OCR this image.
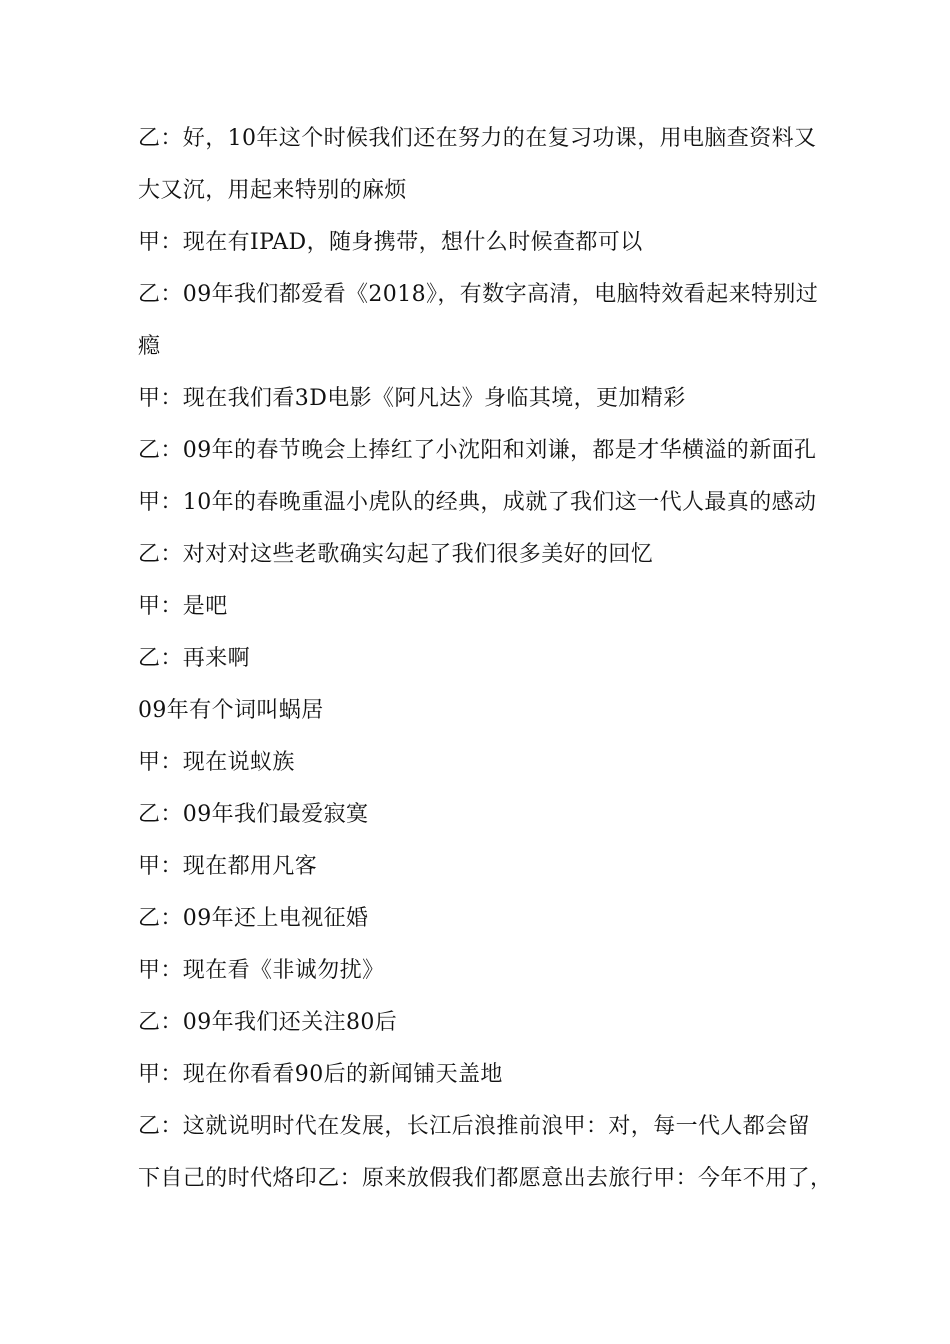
乙：好，10年这个时候我们还在努力的在复习功课，用电脑查资料又
大又沉，用起来特别的麻烦
甲：现在有IPAD，随身携带，想什么时候查都可以
乙：09年我们都爱看《2018》，有数字高清，电脑特效看起来特别过
瘾
甲：现在我们看3D电影《阿凡达》身临其境，更加精彩
乙：09年的春节晚会上捧红了小沈阳和刘谦，都是才华横溢的新面孔
甲：10年的春晚重温小虎队的经典，成就了我们这一代人最真的感动
乙：对对对这些老歌确实勾起了我们很多美好的回忆
甲：是吧
乙：再来啊
09年有个词叫蜗居
甲：现在说蚁族
乙：09年我们最爱寂寞
甲：现在都用凡客
乙：09年还上电视征婚
甲：现在看《非诚勿扰》
乙：09年我们还关注80后
甲：现在你看看90后的新闻铺天盖地
乙：这就说明时代在发展，长江后浪推前浪甲：对，每一代人都会留
下自己的时代烙印乙：原来放假我们都愿意出去旅行甲：今年不用了，
